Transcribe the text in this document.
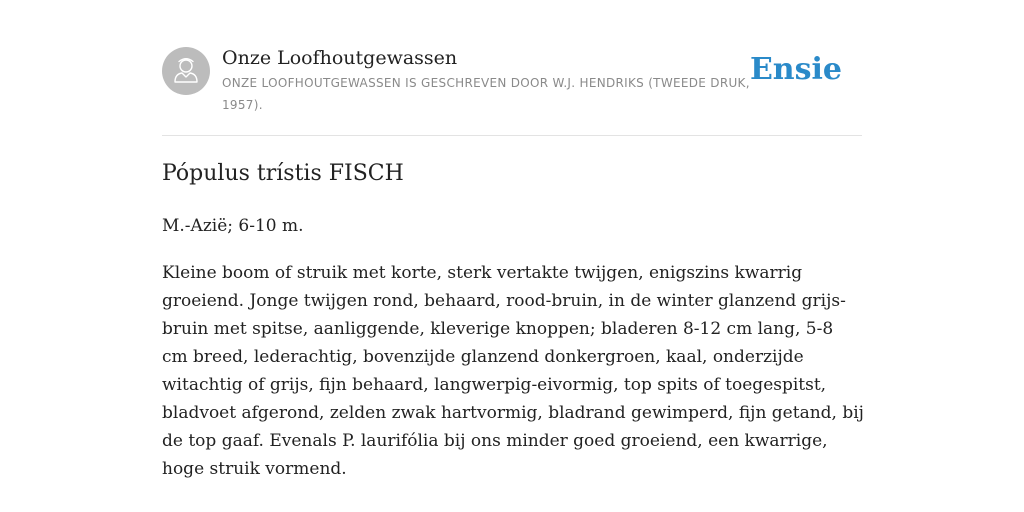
Onze Loofhoutgewassen

ONZE LOOFHOUTGEWASSEN IS GESCHREVEN DOOR W.J. HENDRIKS (TWEEDE DRUK, 1957).

Ensie
Pópulus trístis FISCH

M.-Azië; 6-10 m.

Kleine boom of struik met korte, sterk vertakte twijgen, enigszins kwarrig groeiend. Jonge twijgen rond, behaard, rood-bruin, in de winter glanzend grijs-bruin met spitse, aanliggende, kleverige knoppen; bladeren 8-12 cm lang, 5-8 cm breed, lederachtig, bovenzijde glanzend donkergroen, kaal, onderzijde witachtig of grijs, fijn behaard, langwerpig-eivormig, top spits of toegespitst, bladvoet afgerond, zelden zwak hartvormig, bladrand gewimperd, fijn getand, bij de top gaaf. Evenals P. laurifólia bij ons minder goed groeiend, een kwarrige, hoge struik vormend.
